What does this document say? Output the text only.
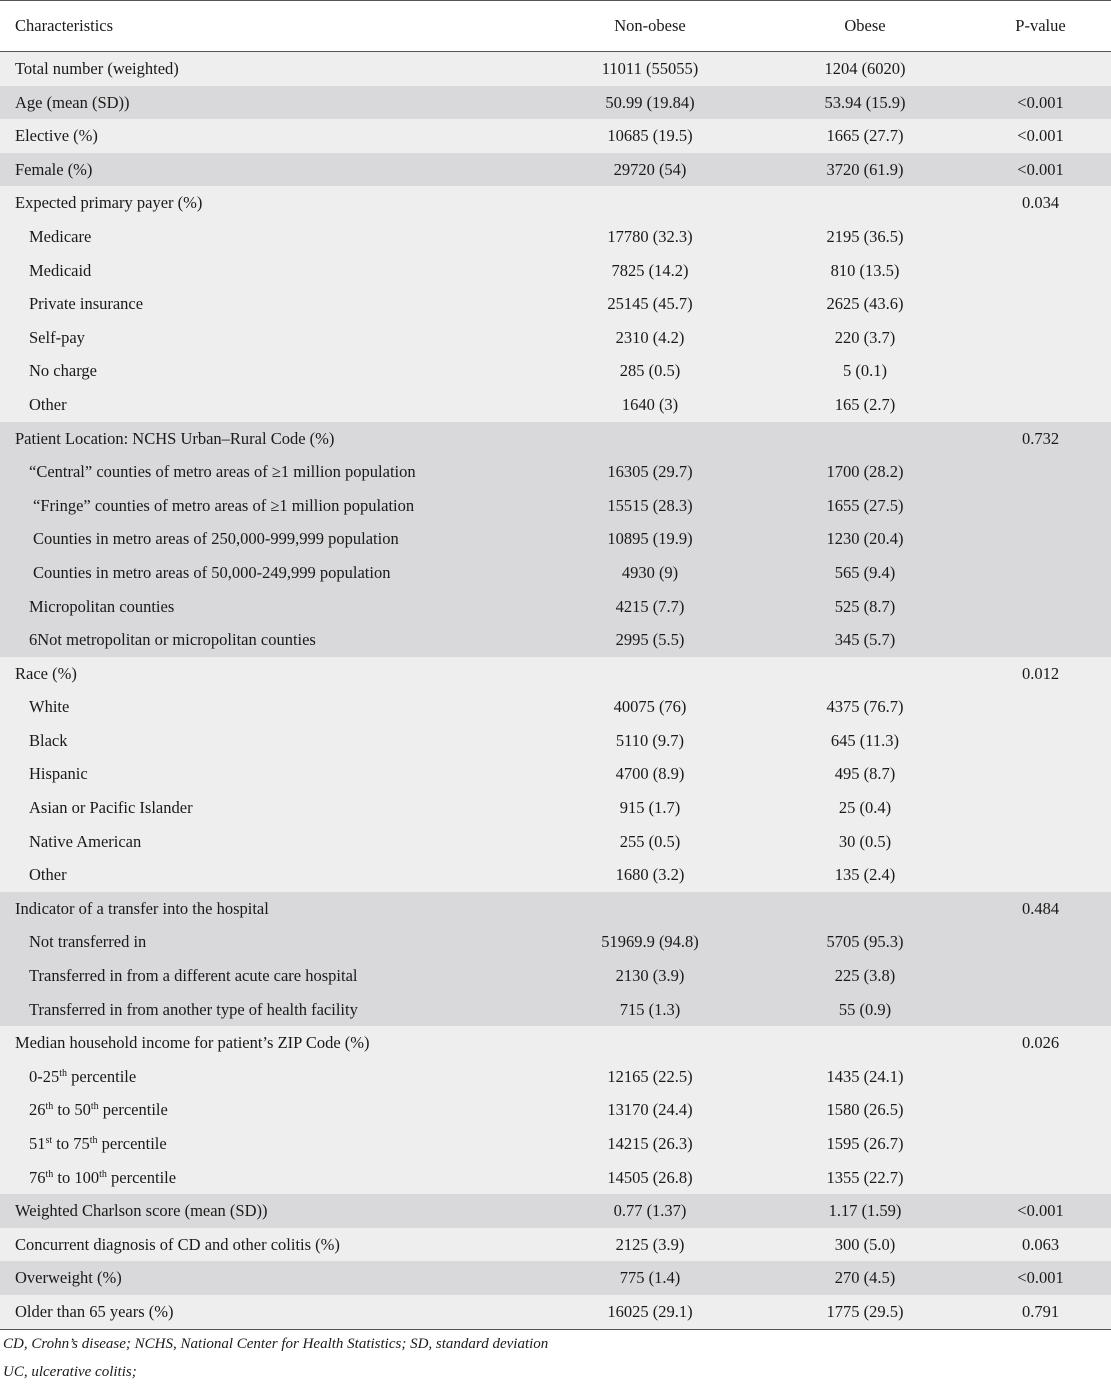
Characteristics	Non-obese	Obese	P-value
Total number (weighted)	11011 (55055)	1204 (6020)	
Age (mean (SD))	50.99 (19.84)	53.94 (15.9)	<0.001
Elective (%)	10685 (19.5)	1665 (27.7)	<0.001
Female (%)	29720 (54)	3720 (61.9)	<0.001
Expected primary payer (%)			0.034
Medicare	17780 (32.3)	2195 (36.5)	
Medicaid	7825 (14.2)	810 (13.5)	
Private insurance	25145 (45.7)	2625 (43.6)	
Self-pay	2310 (4.2)	220 (3.7)	
No charge	285 (0.5)	5 (0.1)	
Other	1640 (3)	165 (2.7)	
Patient Location: NCHS Urban–Rural Code (%)			0.732
“Central” counties of metro areas of ≥1 million population	16305 (29.7)	1700 (28.2)	
“Fringe” counties of metro areas of ≥1 million population	15515 (28.3)	1655 (27.5)	
Counties in metro areas of 250,000-999,999 population	10895 (19.9)	1230 (20.4)	
Counties in metro areas of 50,000-249,999 population	4930 (9)	565 (9.4)	
Micropolitan counties	4215 (7.7)	525 (8.7)	
6Not metropolitan or micropolitan counties	2995 (5.5)	345 (5.7)	
Race (%)			0.012
White	40075 (76)	4375 (76.7)	
Black	5110 (9.7)	645 (11.3)	
Hispanic	4700 (8.9)	495 (8.7)	
Asian or Pacific Islander	915 (1.7)	25 (0.4)	
Native American	255 (0.5)	30 (0.5)	
Other	1680 (3.2)	135 (2.4)	
Indicator of a transfer into the hospital			0.484
Not transferred in	51969.9 (94.8)	5705 (95.3)	
Transferred in from a different acute care hospital	2130 (3.9)	225 (3.8)	
Transferred in from another type of health facility	715 (1.3)	55 (0.9)	
Median household income for patient’s ZIP Code (%)			0.026
0-25th percentile	12165 (22.5)	1435 (24.1)	
26th to 50th percentile	13170 (24.4)	1580 (26.5)	
51st to 75th percentile	14215 (26.3)	1595 (26.7)	
76th to 100th percentile	14505 (26.8)	1355 (22.7)	
Weighted Charlson score (mean (SD))	0.77 (1.37)	1.17 (1.59)	<0.001
Concurrent diagnosis of CD and other colitis (%)	2125 (3.9)	300 (5.0)	0.063
Overweight (%)	775 (1.4)	270 (4.5)	<0.001
Older than 65 years (%)	16025 (29.1)	1775 (29.5)	0.791
CD, Crohn’s disease; NCHS, National Center for Health Statistics; SD, standard deviation
UC, ulcerative colitis;
